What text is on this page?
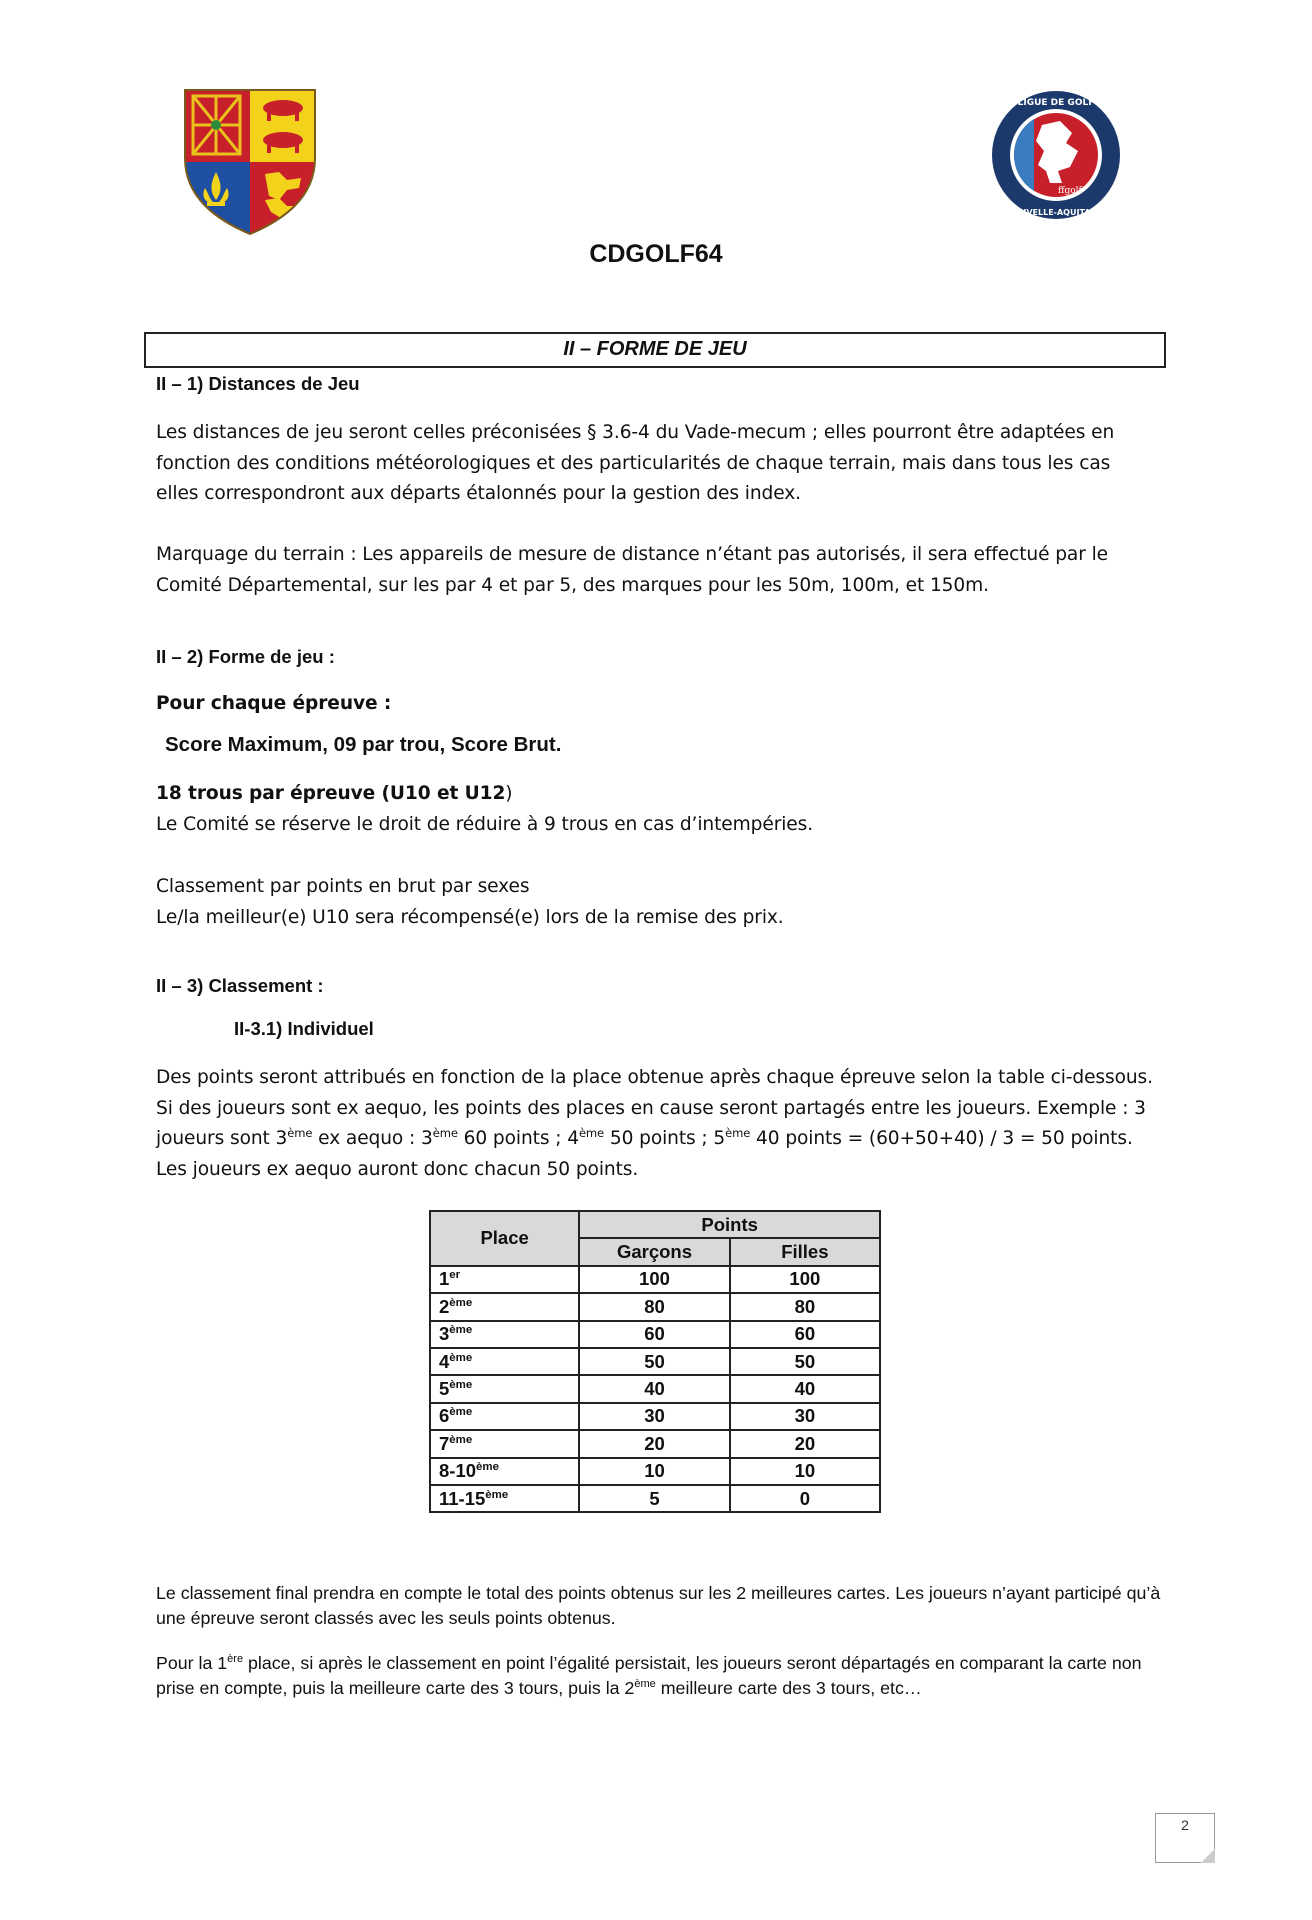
LIGUE DE GOLF
NOUVELLE-AQUITAINE
ffgolf
CDGOLF64
II – FORME DE JEU
II – 1) Distances de Jeu

Les distances de jeu seront celles préconisées § 3.6-4 du Vade-mecum ; elles pourront être adaptées en fonction des conditions météorologiques et des particularités de chaque terrain, mais dans tous les cas elles correspondront aux départs étalonnés pour la gestion des index.

Marquage du terrain : Les appareils de mesure de distance n’étant pas autorisés, il sera effectué par le Comité Départemental, sur les par 4 et par 5, des marques pour les 50m, 100m, et 150m.

II – 2) Forme de jeu :
Pour chaque épreuve :
Score Maximum, 09 par trou, Score Brut.

18 trous par épreuve (U10 et U12)

Le Comité se réserve le droit de réduire à 9 trous en cas d’intempéries.

Classement par points en brut par sexes

Le/la meilleur(e) U10 sera récompensé(e) lors de la remise des prix.

II – 3) Classement :
II-3.1) Individuel

Des points seront attribués en fonction de la place obtenue après chaque épreuve selon la table ci-dessous. Si des joueurs sont ex aequo, les points des places en cause seront partagés entre les joueurs. Exemple : 3 joueurs sont 3ème ex aequo : 3ème 60 points ; 4ème 50 points ; 5ème 40 points = (60+50+40) / 3 = 50 points. Les joueurs ex aequo auront donc chacun 50 points.

Place	Points	
	Garçons	Filles
1er	100	100
2ème	80	80
3ème	60	60
4ème	50	50
5ème	40	40
6ème	30	30
7ème	20	20
8-10ème	10	10
11-15ème	5	0
Le classement final prendra en compte le total des points obtenus sur les 2 meilleures cartes. Les joueurs n’ayant participé qu’à une épreuve seront classés avec les seuls points obtenus.
Pour la 1ère place, si après le classement en point l’égalité persistait, les joueurs seront départagés en comparant la carte non prise en compte, puis la meilleure carte des 3 tours, puis la 2ème meilleure carte des 3 tours, etc…
2
